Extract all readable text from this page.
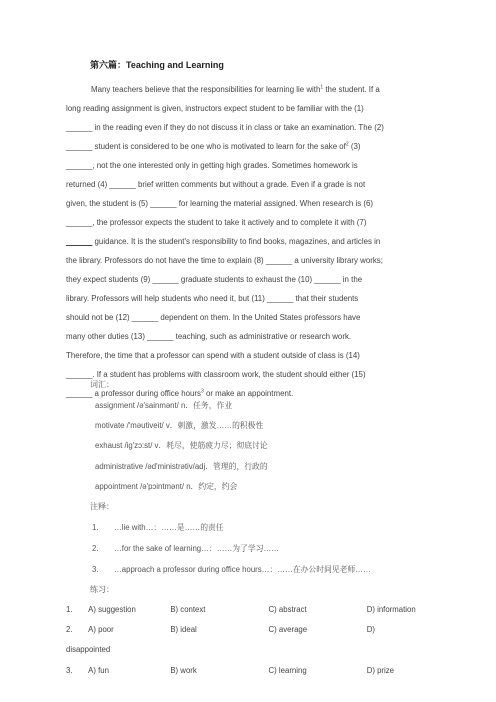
第六篇：Teaching and Learning
Many teachers believe that the responsibilities for learning lie with$^1$ the student. If a
long reading assignment is given, instructors expect student to be familiar with the (1)
______ in the reading even if they do not discuss it in class or take an examination. The (2)
______ student is considered to be one who is motivated to learn for the sake $of^2$ (3)
______, not the one interested only in getting high grades. Sometimes homework is
returned (4) ______ brief written comments but without a grade. Even if a grade is not
given, the student is (5) ______ for learning the material assigned. When research is (6)
______, the professor expects the student to take it actively and to complete it with (7)
______ guidance. It is the student's responsibility to find books, magazines, and articles in
the library. Professors do not have the time to explain (8) ______ a university library works;
they expect students (9) ______ graduate students to exhaust the (10) ______ in the
library. Professors will help students who need it, but (11) ______ that their students
should not be (12) ______ dependent on them. In the United States professors have
many other duties (13) ______ teaching, such as administrative or research work.
Therefore, the time that a professor can spend with a student outside of class is (14)
______. If a student has problems with classroom work, the student should either (15)
______ a professor during office hours$^3$ or make an appointment.
词汇：
assignment /ə'sainmənt/ n．任务，作业
motivate /'məutiveit/ v．刺激，激发……的积极性
exhaust /ig'zɔ:st/ v．耗尽，使筋疲力尽；彻底讨论
administrative /əd'ministrətiv/adj．管理的，行政的
appointment /ə'pɔintmənt/ n．约定，约会
注释：
1. …lie with…：……是……的责任
2. …for the sake of learning…：……为了学习……
3. …approach a professor during office hours…：……在办公时间见老师……
练习：
1. A) suggestion	B) context	C) abstract	D) information
2. A) poor	B) ideal	C) average	D)
disappointed
3. A) fun	B) work	C) learning	D) prize
